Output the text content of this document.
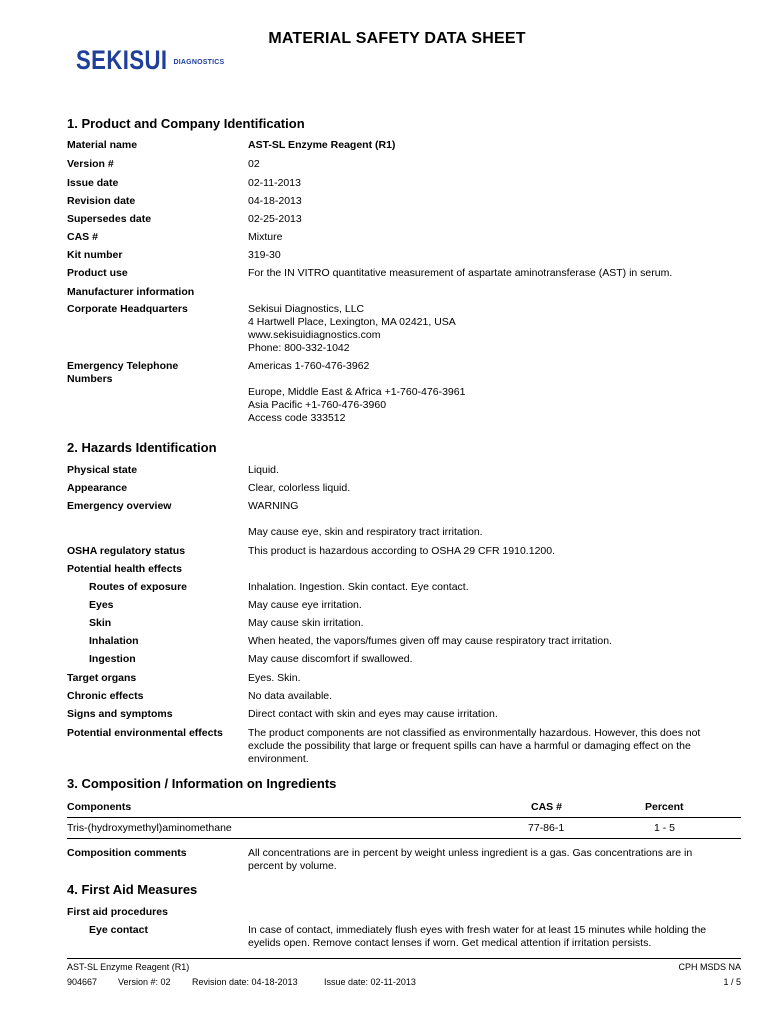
SEKISUI DIAGNOSTICS
MATERIAL SAFETY DATA SHEET
1. Product and Company Identification
Material name	AST-SL Enzyme Reagent (R1)
Version #	02
Issue date	02-11-2013
Revision date	04-18-2013
Supersedes date	02-25-2013
CAS #	Mixture
Kit number	319-30
Product use	For the IN VITRO quantitative measurement of aspartate aminotransferase (AST) in serum.
Manufacturer information
Corporate Headquarters	Sekisui Diagnostics, LLC
4 Hartwell Place, Lexington, MA 02421, USA
www.sekisuidiagnostics.com
Phone: 800-332-1042
Emergency Telephone
Numbers
Americas 1-760-476-3962
Europe, Middle East & Africa +1-760-476-3961
Asia Pacific +1-760-476-3960
Access code 333512
2. Hazards Identification
Physical state	Liquid.
Appearance	Clear, colorless liquid.
Emergency overview	WARNING
May cause eye, skin and respiratory tract irritation.
OSHA regulatory status	This product is hazardous according to OSHA 29 CFR 1910.1200.
Potential health effects
Routes of exposure	Inhalation. Ingestion. Skin contact. Eye contact.
Eyes	May cause eye irritation.
Skin	May cause skin irritation.
Inhalation	When heated, the vapors/fumes given off may cause respiratory tract irritation.
Ingestion	May cause discomfort if swallowed.
Target organs	Eyes. Skin.
Chronic effects	No data available.
Signs and symptoms	Direct contact with skin and eyes may cause irritation.
Potential environmental effects	The product components are not classified as environmentally hazardous. However, this does not
exclude the possibility that large or frequent spills can have a harmful or damaging effect on the
environment.
3. Composition / Information on Ingredients
Components	CAS #	Percent
Tris-(hydroxymethyl)aminomethane	77-86-1	1 - 5
Composition comments	All concentrations are in percent by weight unless ingredient is a gas. Gas concentrations are in
percent by volume.
4. First Aid Measures
First aid procedures
Eye contact	In case of contact, immediately flush eyes with fresh water for at least 15 minutes while holding the
eyelids open. Remove contact lenses if worn. Get medical attention if irritation persists.
AST-SL Enzyme Reagent (R1)	CPH MSDS NA
904667 Version #: 02 Revision date: 04-18-2013	Issue date: 02-11-2013	1 / 5
